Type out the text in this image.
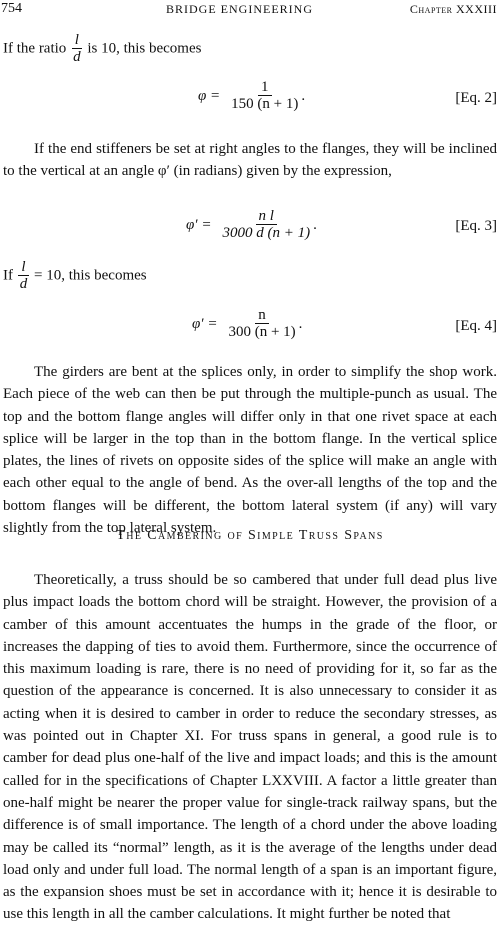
754	BRIDGE ENGINEERING	Chapter XXXIII
If the ratio $\frac{l}{d}$ is 10, this becomes
$\varphi = \frac{1}{150 (n + 1)}$ .	[Eq. 2]
If the end stiffeners be set at right angles to the flanges, they will be inclined to the vertical at an angle φ′ (in radians) given by the expression,
$\varphi' = \frac{\text{n l}}{3000 d (n + 1)}$ .	[Eq. 3]
If $\frac{l}{d} = 10$, this becomes
$\varphi' = \frac{n}{300 (n + 1)}$ .	[Eq. 4]
The girders are bent at the splices only, in order to simplify the shop work. Each piece of the web can then be put through the multiple-punch as usual. The top and the bottom flange angles will differ only in that one rivet space at each splice will be larger in the top than in the bottom flange. In the vertical splice plates, the lines of rivets on opposite sides of the splice will make an angle with each other equal to the angle of bend. As the over-all lengths of the top and the bottom flanges will be different, the bottom lateral system (if any) will vary slightly from the top lateral system.
The Cambering of Simple Truss Spans
Theoretically, a truss should be so cambered that under full dead plus live plus impact loads the bottom chord will be straight. However, the provision of a camber of this amount accentuates the humps in the grade of the floor, or increases the dapping of ties to avoid them. Furthermore, since the occurrence of this maximum loading is rare, there is no need of providing for it, so far as the question of the appearance is concerned. It is also unnecessary to consider it as acting when it is desired to camber in order to reduce the secondary stresses, as was pointed out in Chapter XI. For truss spans in general, a good rule is to camber for dead plus one-half of the live and impact loads; and this is the amount called for in the specifications of Chapter LXXVIII. A factor a little greater than one-half might be nearer the proper value for single-track railway spans, but the difference is of small importance. The length of a chord under the above loading may be called its “normal” length, as it is the average of the lengths under dead load only and under full load. The normal length of a span is an important figure, as the expansion shoes must be set in accordance with it; hence it is desirable to use this length in all the camber calculations. It might further be noted that
